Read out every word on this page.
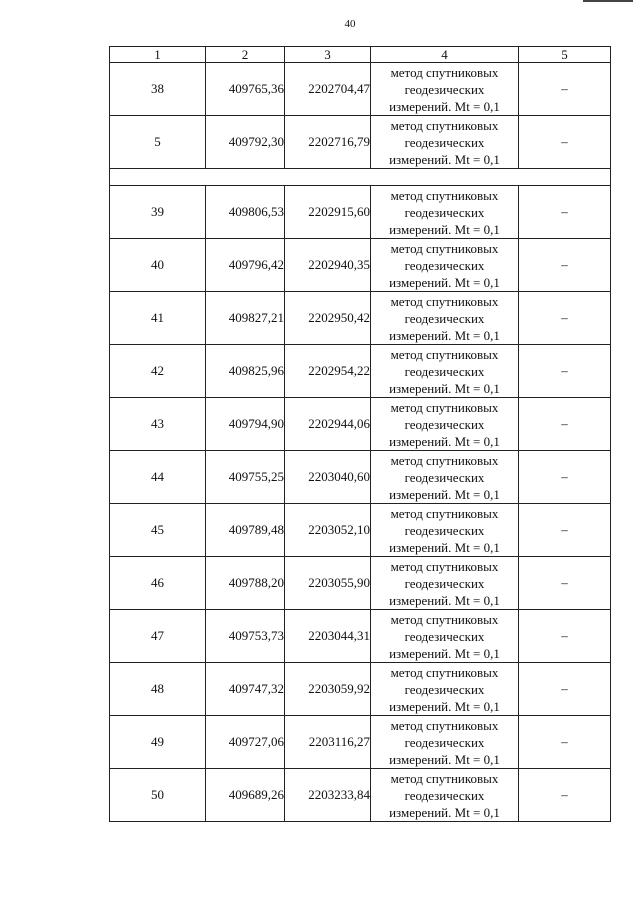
40
1	2	3	4	5
38	409765,36	2202704,47	метод спутниковых
геодезических
измерений. Mt = 0,1	–
5	409792,30	2202716,79	метод спутниковых
геодезических
измерений. Mt = 0,1	–

39	409806,53	2202915,60	метод спутниковых
геодезических
измерений. Mt = 0,1	–
40	409796,42	2202940,35	метод спутниковых
геодезических
измерений. Mt = 0,1	–
41	409827,21	2202950,42	метод спутниковых
геодезических
измерений. Mt = 0,1	–
42	409825,96	2202954,22	метод спутниковых
геодезических
измерений. Mt = 0,1	–
43	409794,90	2202944,06	метод спутниковых
геодезических
измерений. Mt = 0,1	–
44	409755,25	2203040,60	метод спутниковых
геодезических
измерений. Mt = 0,1	–
45	409789,48	2203052,10	метод спутниковых
геодезических
измерений. Mt = 0,1	–
46	409788,20	2203055,90	метод спутниковых
геодезических
измерений. Mt = 0,1	–
47	409753,73	2203044,31	метод спутниковых
геодезических
измерений. Mt = 0,1	–
48	409747,32	2203059,92	метод спутниковых
геодезических
измерений. Mt = 0,1	–
49	409727,06	2203116,27	метод спутниковых
геодезических
измерений. Mt = 0,1	–
50	409689,26	2203233,84	метод спутниковых
геодезических
измерений. Mt = 0,1	–
